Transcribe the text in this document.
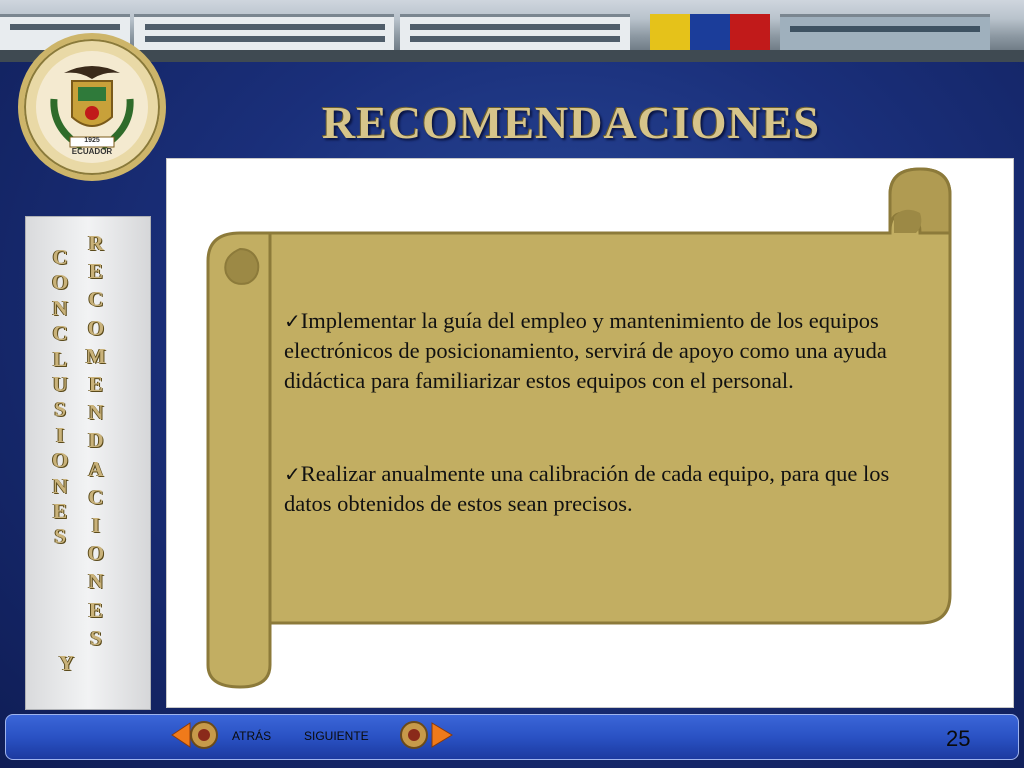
1925
ECUADOR
RECOMENDACIONES
C
O
N
C
L
U
S
I
O
N
E
S
Y
R
E
C
O
M
E
N
D
A
C
I
O
N
E
S

✓Implementar la guía del empleo y mantenimiento de los equipos electrónicos de posicionamiento, servirá de apoyo como una ayuda didáctica para familiarizar estos equipos con el personal.

✓Realizar anualmente una calibración de cada equipo, para que los datos obtenidos de estos sean precisos.

ATRÁS	SIGUIENTE	25
